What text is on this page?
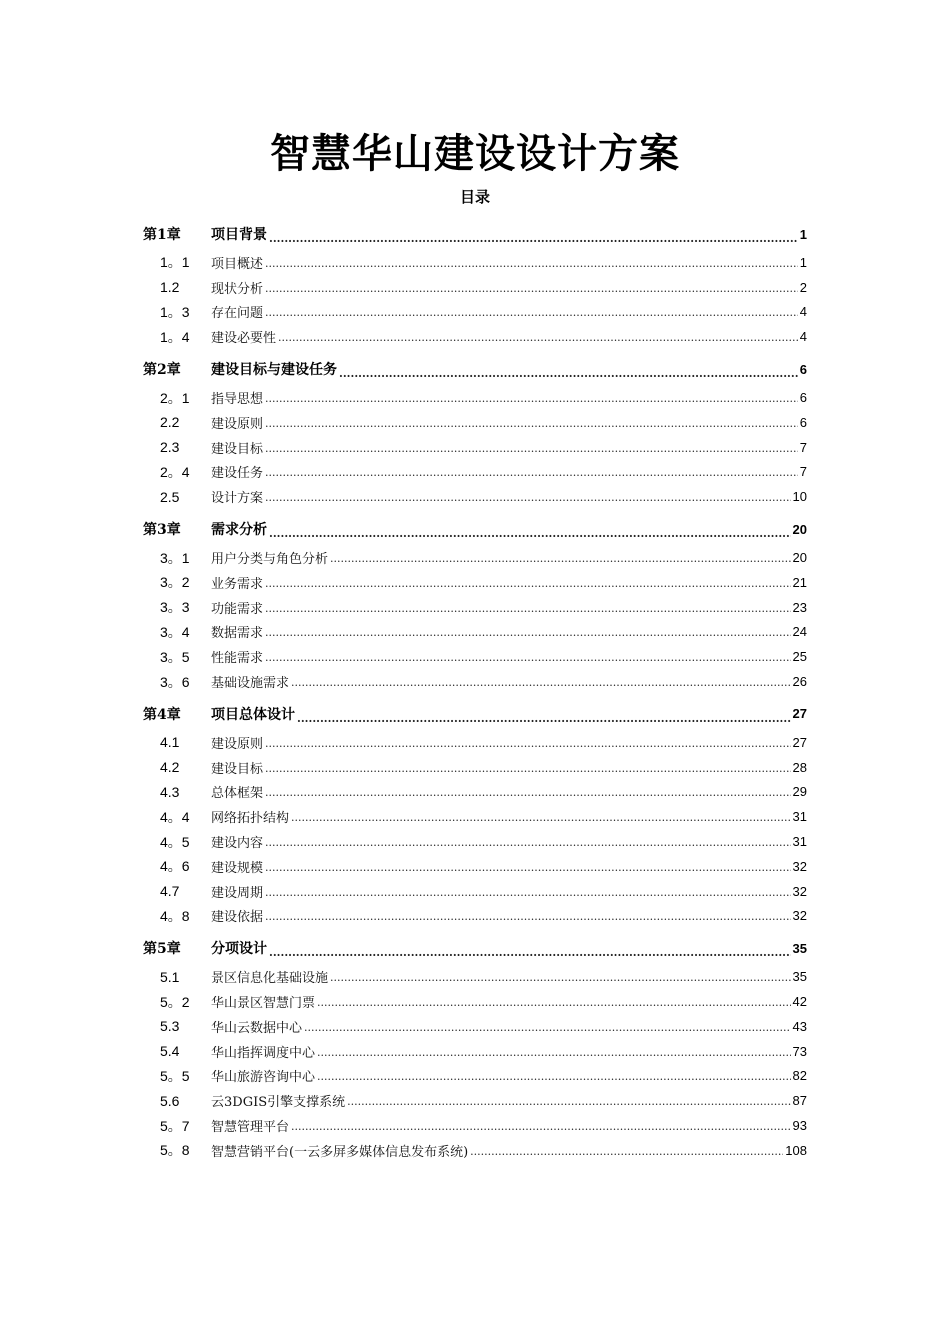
智慧华山建设设计方案
目录
第1章	项目背景 .....	1
1。1	项目概述 .....	1
1.2	现状分析 .....	2
1。3	存在问题 .....	4
1。4	建设必要性 .....	4
第2章	建设目标与建设任务 .....	6
2。1	指导思想 .....	6
2.2	建设原则 .....	6
2.3	建设目标 .....	7
2。4	建设任务 .....	7
2.5	设计方案 .....	10
第3章	需求分析 .....	20
3。1	用户分类与角色分析 .....	20
3。2	业务需求 .....	21
3。3	功能需求 .....	23
3。4	数据需求 .....	24
3。5	性能需求 .....	25
3。6	基础设施需求 .....	26
第4章	项目总体设计 .....	27
4.1	建设原则 .....	27
4.2	建设目标 .....	28
4.3	总体框架 .....	29
4。4	网络拓扑结构 .....	31
4。5	建设内容 .....	31
4。6	建设规模 .....	32
4.7	建设周期 .....	32
4。8	建设依据 .....	32
第5章	分项设计 .....	35
5.1	景区信息化基础设施 .....	35
5。2	华山景区智慧门票 .....	42
5.3	华山云数据中心 .....	43
5.4	华山指挥调度中心 .....	73
5。5	华山旅游咨询中心 .....	82
5.6	云3DGIS引擎支撑系统 .....	87
5。7	智慧管理平台 .....	93
5。8	智慧营销平台(一云多屏多媒体信息发布系统) .....	108
